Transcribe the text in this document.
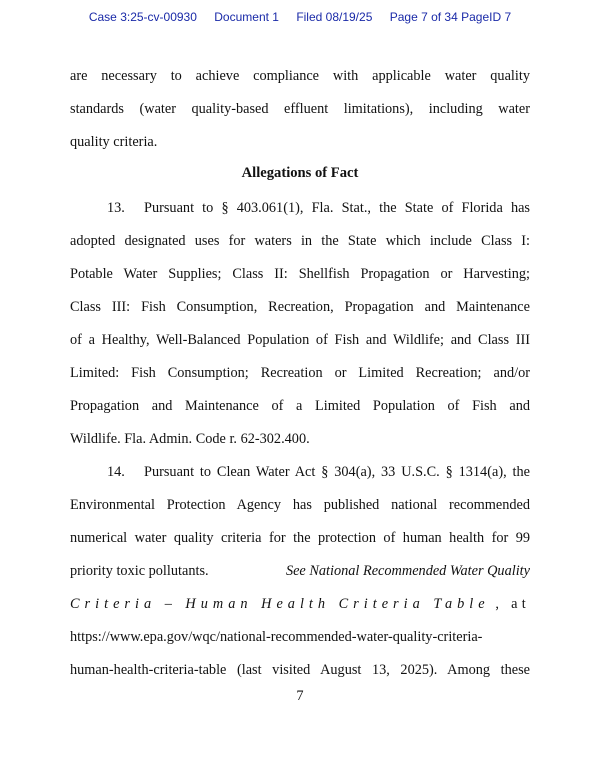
Case 3:25-cv-00930 Document 1 Filed 08/19/25 Page 7 of 34 PageID 7
are necessary to achieve compliance with applicable water quality
standards (water quality-based effluent limitations), including water
quality criteria.
Allegations of Fact
13. Pursuant to § 403.061(1), Fla. Stat., the State of Florida has
adopted designated uses for waters in the State which include Class I:
Potable Water Supplies; Class II: Shellfish Propagation or Harvesting;
Class III: Fish Consumption, Recreation, Propagation and Maintenance
of a Healthy, Well-Balanced Population of Fish and Wildlife; and Class III
Limited: Fish Consumption; Recreation or Limited Recreation; and/or
Propagation and Maintenance of a Limited Population of Fish and
Wildlife. Fla. Admin. Code r. 62-302.400.
14. Pursuant to Clean Water Act § 304(a), 33 U.S.C. § 1314(a), the
Environmental Protection Agency has published national recommended
numerical water quality criteria for the protection of human health for 99
priority toxic pollutants.	See National Recommended Water Quality
Criteria – Human Health Criteria Table , at
https://www.epa.gov/wqc/national-recommended-water-quality-criteria-
human-health-criteria-table (last visited August 13, 2025). Among these
7
